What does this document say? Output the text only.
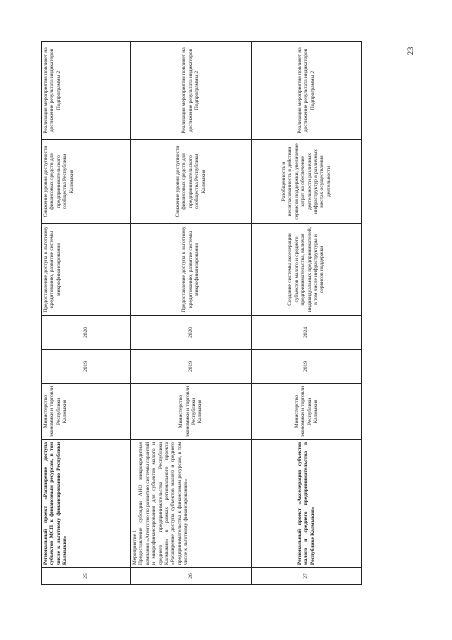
23
25	Региональный проект «Расширение доступа субъектов МСП к финансовым ресурсам, в том числе к льготному финансированию Республики Калмыкия»	Министерство экономики и торговли Республики Калмыкия	2019	2020	Предоставление доступа к льготному кредитованию, развитие системы микрофинансирования	Снижение уровня доступности финансовых средств для предпринимательского сообщества Республики Калмыкия	Реализация мероприятия повлияет на достижение результата индикаторов Подпрограммы 2
26	Мероприятие 1 Предоставление субсидии АНО микрокредитная компания «Агентство по развитию системы гарантий и микрофинансирования для субъектов малого и среднего предпринимательства Республики Калмыкия» в рамках регионального проекта «Расширение доступа субъектов малого и среднего предпринимательства к финансовым ресурсам, в том числе к льготному финансированию»	Министерство экономики и торговли Республики Калмыкия	2019	2020	Предоставление доступа к льготному кредитованию, развитие системы микрофинансирования	Снижение уровня доступности финансовых средств для предпринимательского сообщества Республики Калмыкия	Реализация мероприятия повлияет на достижение результата индикаторов Подпрограммы 2
27	Региональный проект «Акселерация субъектов малого и среднего предпринимательства в Республике Калмыкия»	Министерство экономики и торговли Республики Калмыкия	2019	2024	Создание системы акселерации субъектов малого и среднего предпринимательства, включая индивидуальных предпринимателей, в том числе инфраструктуры и сервисов поддержки	Разобщенность и несогласованность в действии сервисов поддержки, увеличение затрат на обеспечение деятельности различных инфраструктур в различных местах осуществления деятельности	Реализация мероприятия повлияет на достижение результата индикаторов Подпрограммы 2
